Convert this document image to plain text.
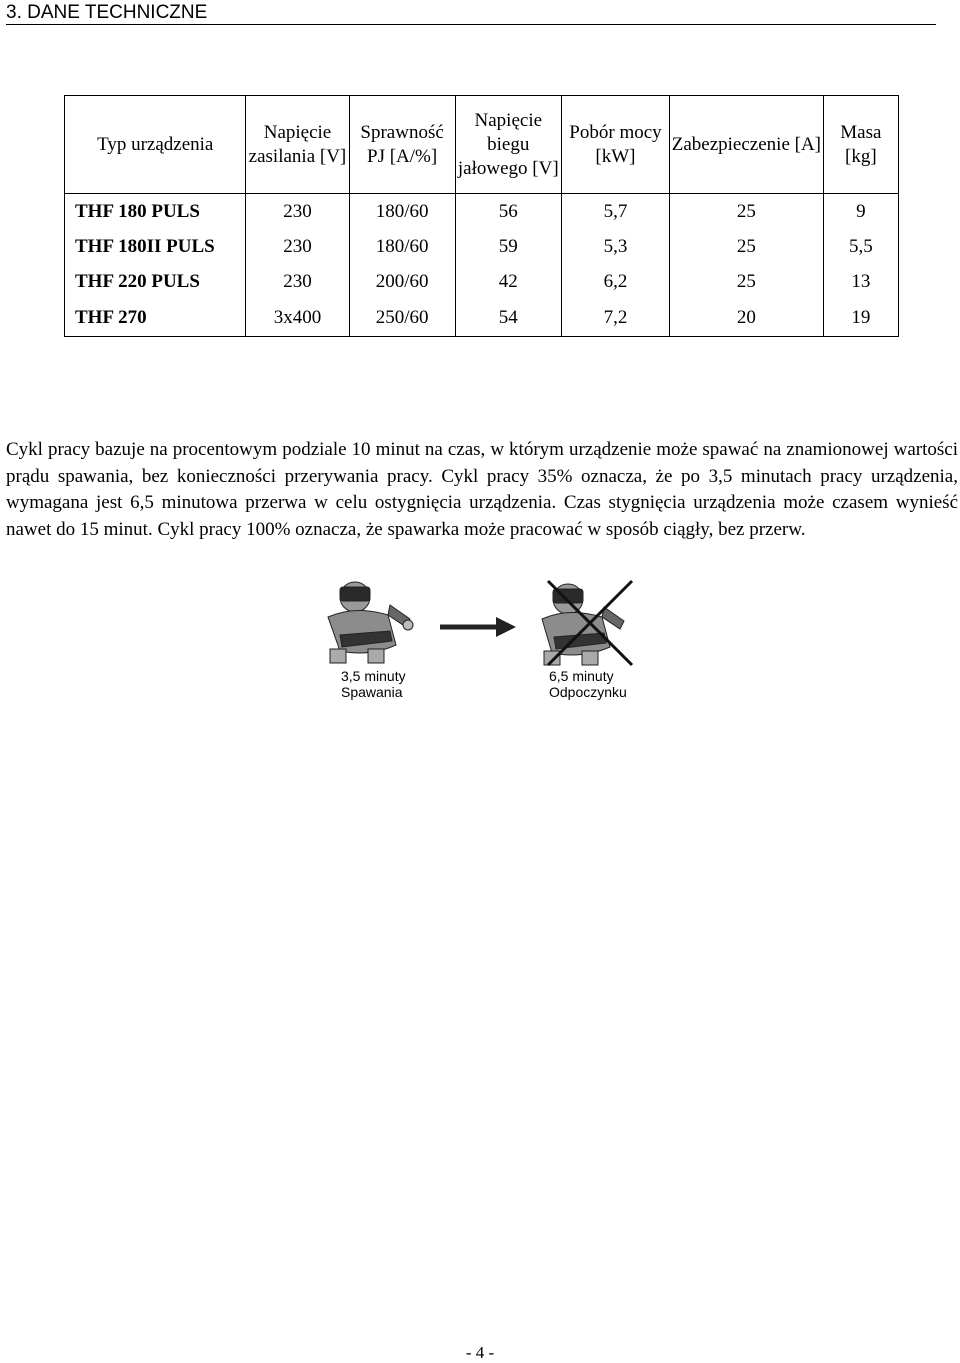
3. DANE TECHNICZNE
Typ urządzenia	Napięcie zasilania [V]	Sprawność PJ [A/%]	Napięcie biegu jałowego [V]	Pobór mocy [kW]	Zabezpieczenie [A]	Masa [kg]
THF 180 PULS	230	180/60	56	5,7	25	9
THF 180II PULS	230	180/60	59	5,3	25	5,5
THF 220 PULS	230	200/60	42	6,2	25	13
THF 270	3x400	250/60	54	7,2	20	19
Cykl pracy bazuje na procentowym podziale 10 minut na czas, w którym urządzenie może spawać na znamionowej wartości prądu spawania, bez konieczności przerywania pracy. Cykl pracy 35% oznacza, że po 3,5 minutach pracy urządzenia, wymagana jest 6,5 minutowa przerwa w celu ostygnięcia urządzenia. Czas stygnięcia urządzenia może czasem wynieść nawet do 15 minut. Cykl pracy 100% oznacza, że spawarka może pracować w sposób ciągły, bez przerw.
3,5 minuty
Spawania
6,5 minuty
Odpoczynku
- 4 -
